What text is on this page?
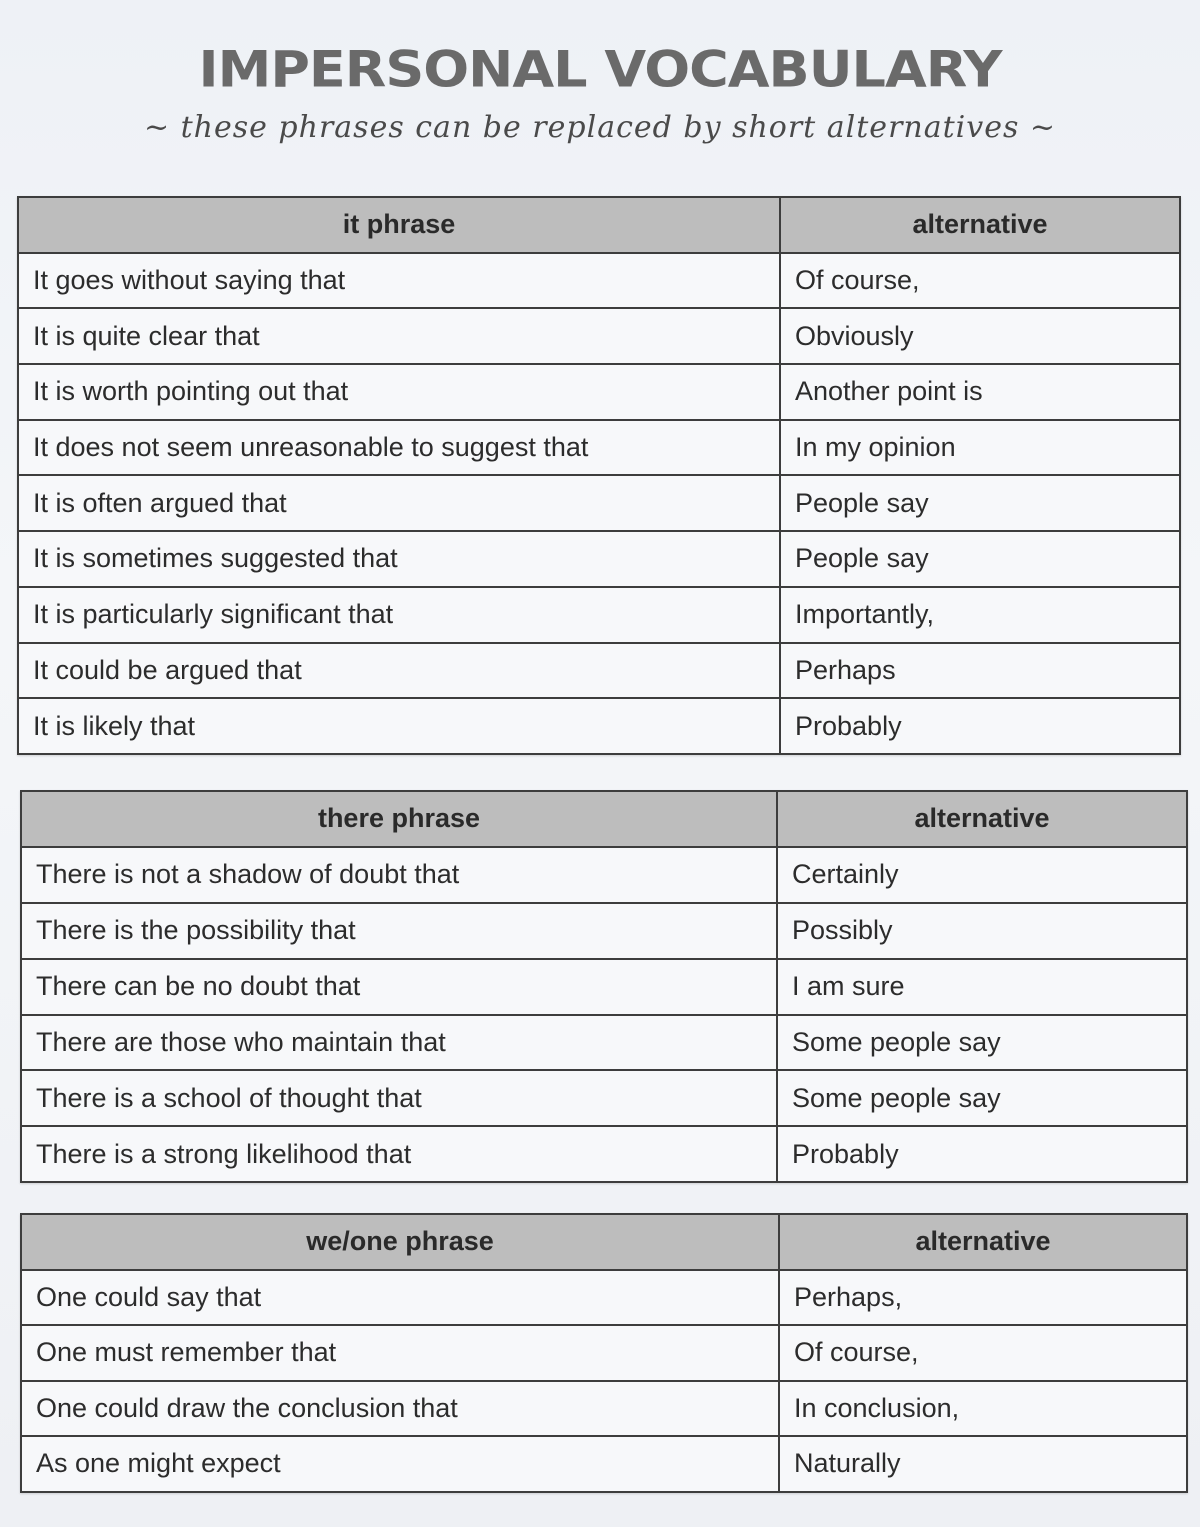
IMPERSONAL VOCABULARY
~ these phrases can be replaced by short alternatives ~
it phrase	alternative
It goes without saying that	Of course,
It is quite clear that	Obviously
It is worth pointing out that	Another point is
It does not seem unreasonable to suggest that	In my opinion
It is often argued that	People say
It is sometimes suggested that	People say
It is particularly significant that	Importantly,
It could be argued that	Perhaps
It is likely that	Probably
there phrase	alternative
There is not a shadow of doubt that	Certainly
There is the possibility that	Possibly
There can be no doubt that	I am sure
There are those who maintain that	Some people say
There is a school of thought that	Some people say
There is a strong likelihood that	Probably
we/one phrase	alternative
One could say that	Perhaps,
One must remember that	Of course,
One could draw the conclusion that	In conclusion,
As one might expect	Naturally
